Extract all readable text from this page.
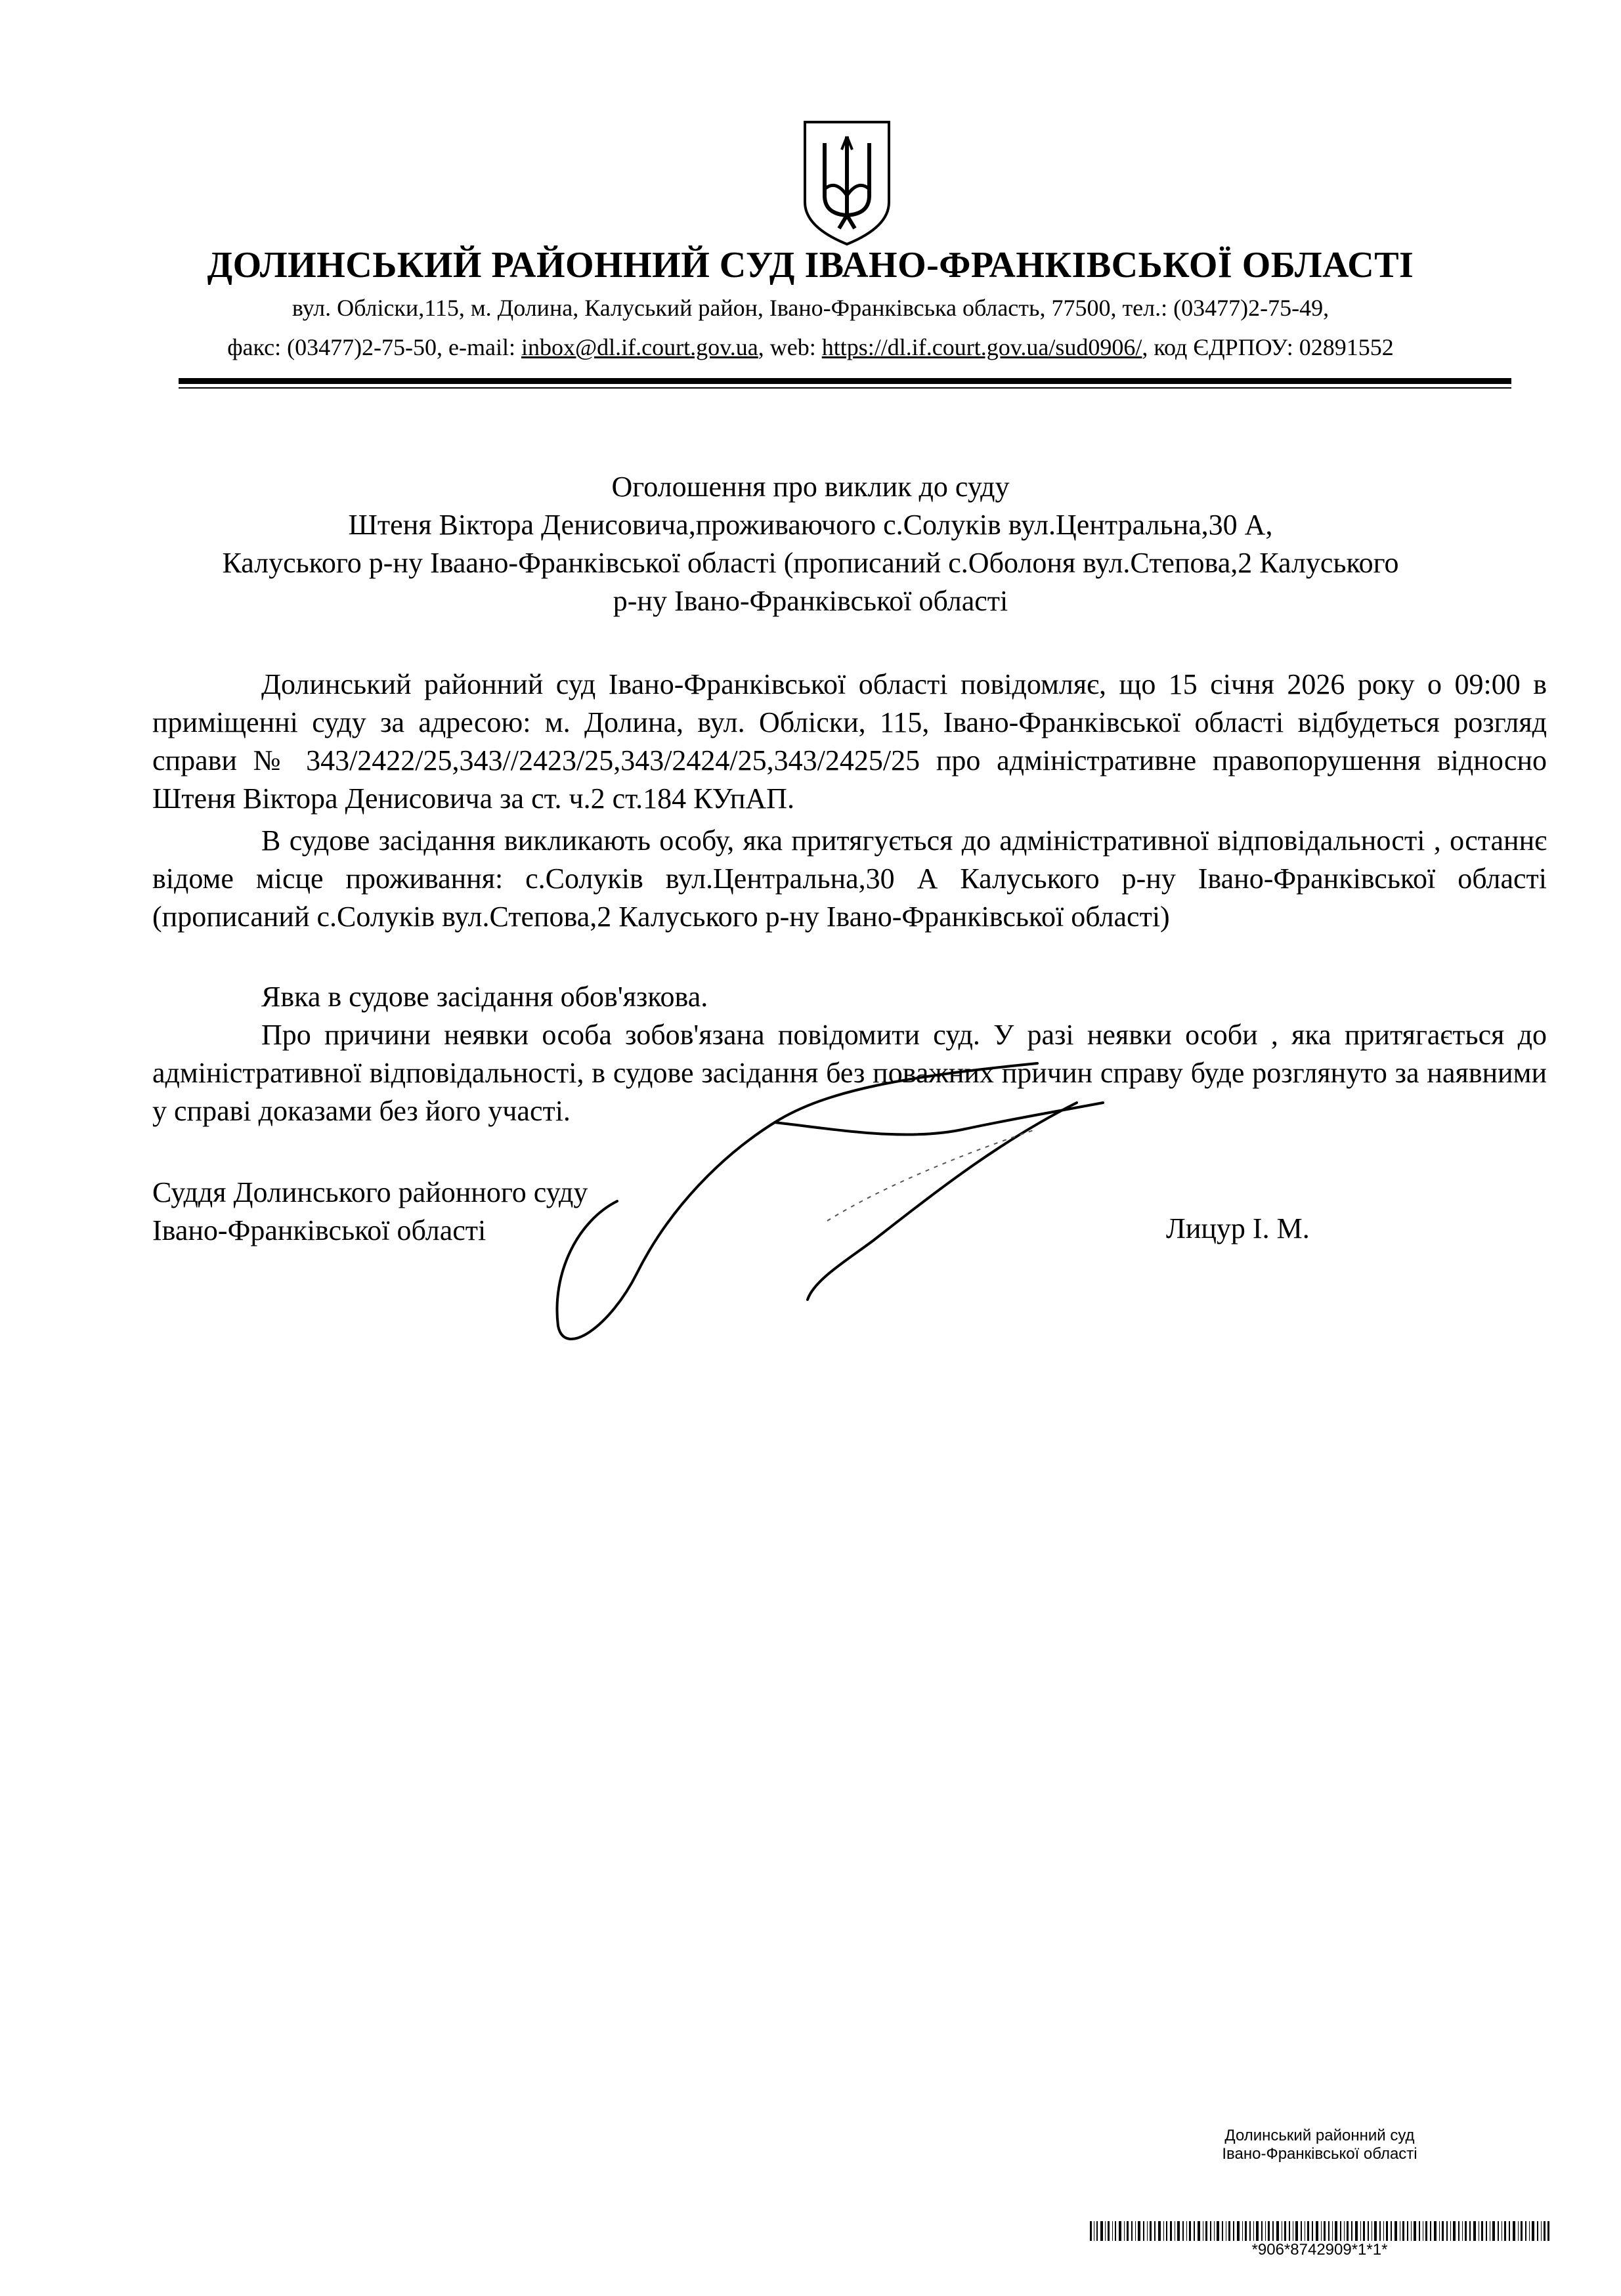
ДОЛИНСЬКИЙ РАЙОННИЙ СУД ІВАНО-ФРАНКІВСЬКОЇ ОБЛАСТІ
вул. Обліски,115, м. Долина, Калуський район, Івано-Франківська область, 77500, тел.: (03477)2-75-49,
факс: (03477)2-75-50, e-mail: inbox@dl.if.court.gov.ua, web: https://dl.if.court.gov.ua/sud0906/, код ЄДРПОУ: 02891552
Оголошення про виклик до суду
Штеня Віктора Денисовича,проживаючого с.Солуків вул.Центральна,30 А,
Калуського р-ну Іваано-Франківської області (прописаний с.Оболоня вул.Степова,2 Калуського
р-ну Івано-Франківської області

Долинський районний суд Івано-Франківської області повідомляє, що 15 січня 2026 року о 09:00 в приміщенні суду за адресою: м. Долина, вул. Обліски, 115, Івано-Франківської області відбудеться розгляд справи № 343/2422/25,343//2423/25,343/2424/25,343/2425/25 про адміністративне правопорушення відносно Штеня Віктора Денисовича за ст. ч.2 ст.184 КУпАП.

В судове засідання викликають особу, яка притягується до адміністративної відповідальності , останнє відоме місце проживання: с.Солуків вул.Центральна,30 А Калуського р-ну Івано-Франківської області (прописаний с.Солуків вул.Степова,2 Калуського р-ну Івано-Франківської області)

Явка в судове засідання обов'язкова.

Про причини неявки особа зобов'язана повідомити суд. У разі неявки особи , яка притягається до адміністративної відповідальності, в судове засідання без поважних причин справу буде розглянуто за наявними у справі доказами без його участі.

Суддя Долинського районного суду
Івано-Франківської області	Лицур І. М.
Долинський районний суд
Івано-Франківської області
*906*8742909*1*1*
